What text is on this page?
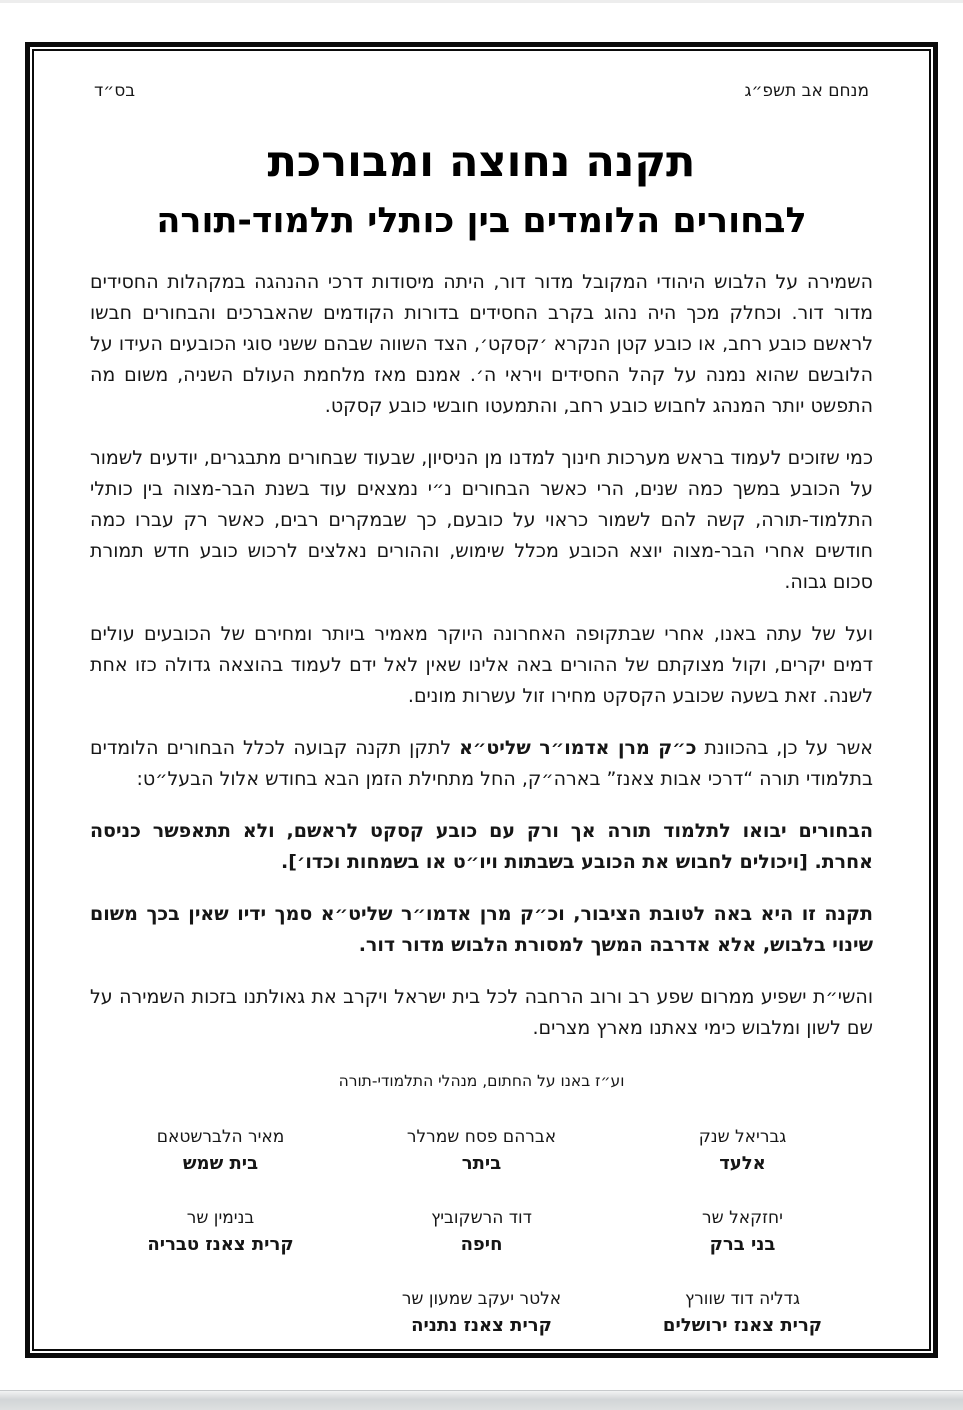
מנחם אב תשפ״ג
בס״ד
תקנה נחוצה ומבורכת
לבחורים הלומדים בין כותלי תלמוד-תורה

השמירה על הלבוש היהודי המקובל מדור דור, היתה מיסודות דרכי ההנהגה במקהלות החסידים מדור דור. וכחלק מכך היה נהוג בקרב החסידים בדורות הקודמים שהאברכים והבחורים חבשו לראשם כובע רחב, או כובע קטן הנקרא ׳קסקט׳, הצד השווה שבהם ששני סוגי הכובעים העידו על הלובשם שהוא נמנה על קהל החסידים ויראי ה׳. אמנם מאז מלחמת העולם השניה, משום מה התפשט יותר המנהג לחבוש כובע רחב, והתמעטו חובשי כובע קסקט.

כמי שזוכים לעמוד בראש מערכות חינוך למדנו מן הניסיון, שבעוד שבחורים מתבגרים, יודעים לשמור על הכובע במשך כמה שנים, הרי כאשר הבחורים נ״י נמצאים עוד בשנת הבר-מצוה בין כותלי התלמוד-תורה, קשה להם לשמור כראוי על כובעם, כך שבמקרים רבים, כאשר רק עברו כמה חודשים אחרי הבר-מצוה יוצא הכובע מכלל שימוש, וההורים נאלצים לרכוש כובע חדש תמורת סכום גבוה.

ועל של עתה באנו, אחרי שבתקופה האחרונה היוקר מאמיר ביותר ומחירם של הכובעים עולים דמים יקרים, וקול מצוקתם של ההורים באה אלינו שאין לאל ידם לעמוד בהוצאה גדולה כזו אחת לשנה. זאת בשעה שכובע הקסקט מחירו זול עשרות מונים.

אשר על כן, בהכוונת כ״ק מרן אדמו״ר שליט״א לתקן תקנה קבועה לכלל הבחורים הלומדים בתלמודי תורה “דרכי אבות צאנז” בארה״ק, החל מתחילת הזמן הבא בחודש אלול הבעל״ט:

הבחורים יבואו לתלמוד תורה אך ורק עם כובע קסקט לראשם, ולא תתאפשר כניסה אחרת. [ויכולים לחבוש את הכובע בשבתות ויו״ט או בשמחות וכדו׳].

תקנה זו היא באה לטובת הציבור, וכ״ק מרן אדמו״ר שליט״א סמך ידיו שאין בכך משום שינוי בלבוש, אלא אדרבה המשך למסורת הלבוש מדור דור.

והשי״ת ישפיע ממרום שפע רב ורוב הרחבה לכל בית ישראל ויקרב את גאולתנו בזכות השמירה על שם לשון ומלבוש כימי צאתנו מארץ מצרים.

וע״ז באנו על החתום, מנהלי התלמודי-תורה
גבריאל שנק
אלעד
אברהם פסח שמרלר
ביתר
מאיר הלברשטאם
בית שמש
יחזקאל שר
בני ברק
דוד הרשקוביץ
חיפה
בנימין שר
קרית צאנז טבריה
גדליה דוד שוורץ
קרית צאנז ירושלים
אלטר יעקב שמעון שר
קרית צאנז נתניה
